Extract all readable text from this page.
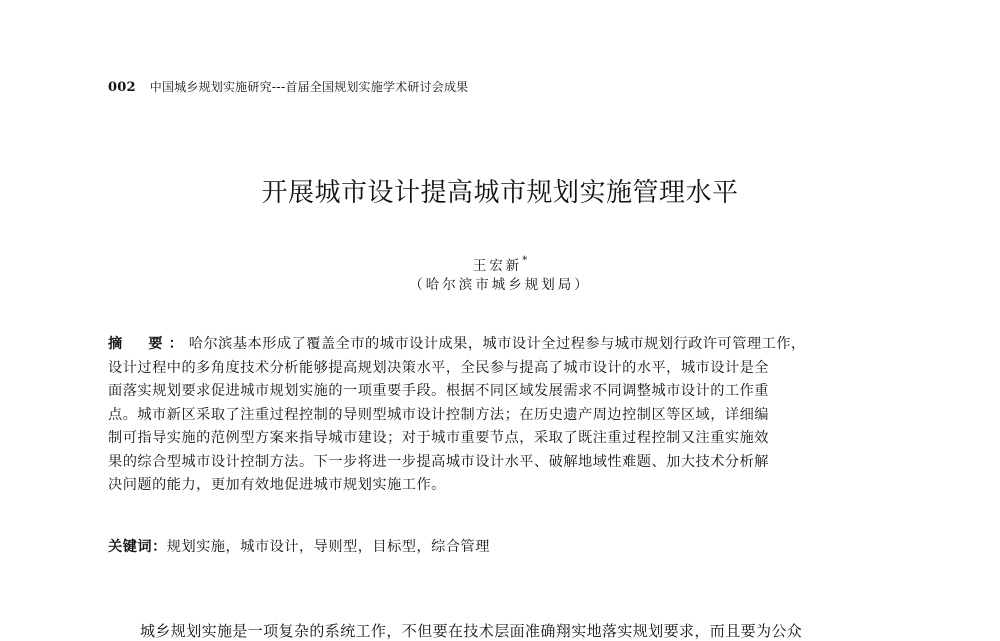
002 中国城乡规划实施研究---首届全国规划实施学术研讨会成果
开展城市设计提高城市规划实施管理水平
王宏新*
（哈尔滨市城乡规划局）
摘　要：哈尔滨基本形成了覆盖全市的城市设计成果，城市设计全过程参与城市规划行政许可管理工作，
设计过程中的多角度技术分析能够提高规划决策水平，全民参与提高了城市设计的水平，城市设计是全
面落实规划要求促进城市规划实施的一项重要手段。根据不同区域发展需求不同调整城市设计的工作重
点。城市新区采取了注重过程控制的导则型城市设计控制方法；在历史遗产周边控制区等区域，详细编
制可指导实施的范例型方案来指导城市建设；对于城市重要节点，采取了既注重过程控制又注重实施效
果的综合型城市设计控制方法。下一步将进一步提高城市设计水平、破解地域性难题、加大技术分析解
决问题的能力，更加有效地促进城市规划实施工作。
关键词：规划实施，城市设计，导则型，目标型，综合管理
城乡规划实施是一项复杂的系统工作，不但要在技术层面准确翔实地落实规划要求，而且要为公众
